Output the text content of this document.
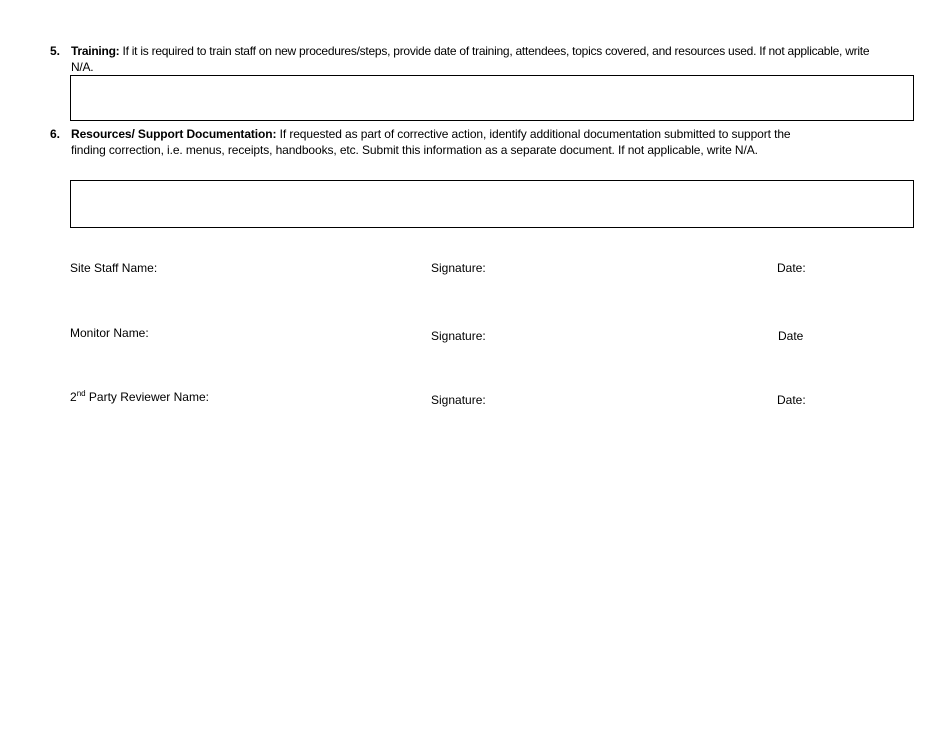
5. Training: If it is required to train staff on new procedures/steps, provide date of training, attendees, topics covered, and resources used. If not applicable, write N/A.
6. Resources/ Support Documentation: If requested as part of corrective action, identify additional documentation submitted to support the finding correction, i.e. menus, receipts, handbooks, etc. Submit this information as a separate document. If not applicable, write N/A.
Site Staff Name:	Signature:	Date:
Monitor Name:	Signature:	Date
2nd Party Reviewer Name:	Signature:	Date:
